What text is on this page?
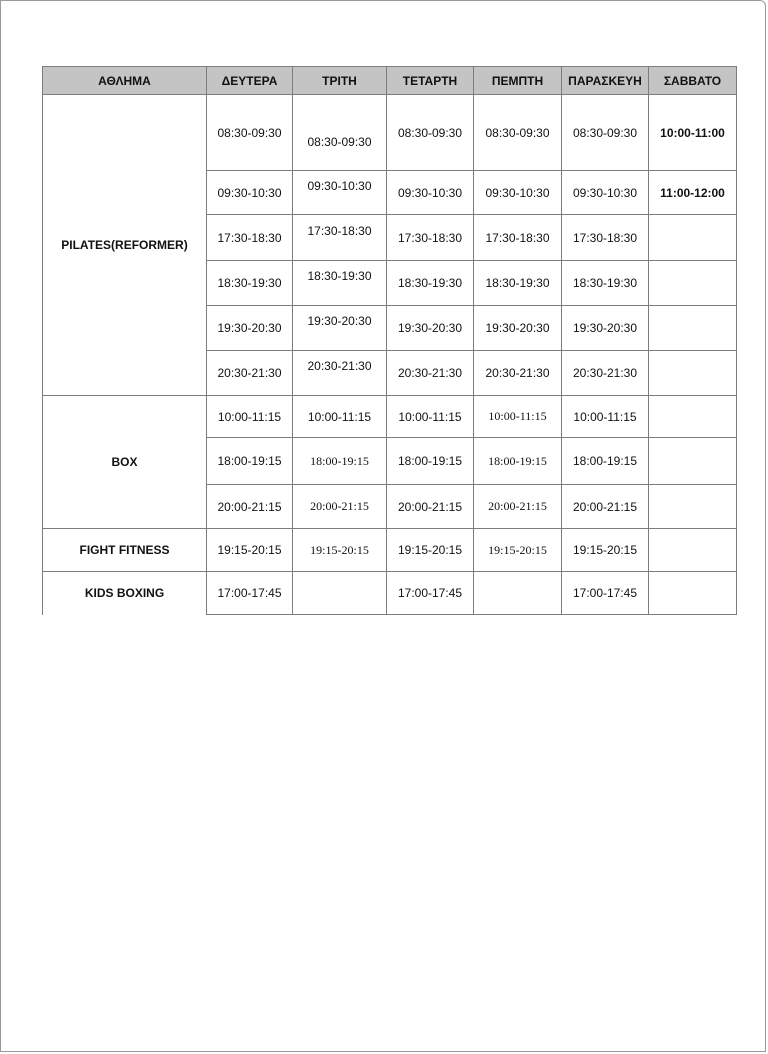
ΑΘΛΗΜΑ	ΔΕΥΤΕΡΑ	ΤΡΙΤΗ	ΤΕΤΑΡΤΗ	ΠΕΜΠΤΗ	ΠΑΡΑΣΚΕΥΗ	ΣΑΒΒΑΤΟ
PILATES(REFORMER)	08:30-09:30	08:30-09:30	08:30-09:30	08:30-09:30	08:30-09:30	10:00-11:00
	09:30-10:30	09:30-10:30	09:30-10:30	09:30-10:30	09:30-10:30	11:00-12:00
	17:30-18:30	17:30-18:30	17:30-18:30	17:30-18:30	17:30-18:30	
	18:30-19:30	18:30-19:30	18:30-19:30	18:30-19:30	18:30-19:30	
	19:30-20:30	19:30-20:30	19:30-20:30	19:30-20:30	19:30-20:30	
	20:30-21:30	20:30-21:30	20:30-21:30	20:30-21:30	20:30-21:30	
BOX	10:00-11:15	10:00-11:15	10:00-11:15	10:00-11:15	10:00-11:15	
	18:00-19:15	18:00-19:15	18:00-19:15	18:00-19:15	18:00-19:15	
	20:00-21:15	20:00-21:15	20:00-21:15	20:00-21:15	20:00-21:15	
FIGHT FITNESS	19:15-20:15	19:15-20:15	19:15-20:15	19:15-20:15	19:15-20:15	
KIDS BOXING	17:00-17:45		17:00-17:45		17:00-17:45	
